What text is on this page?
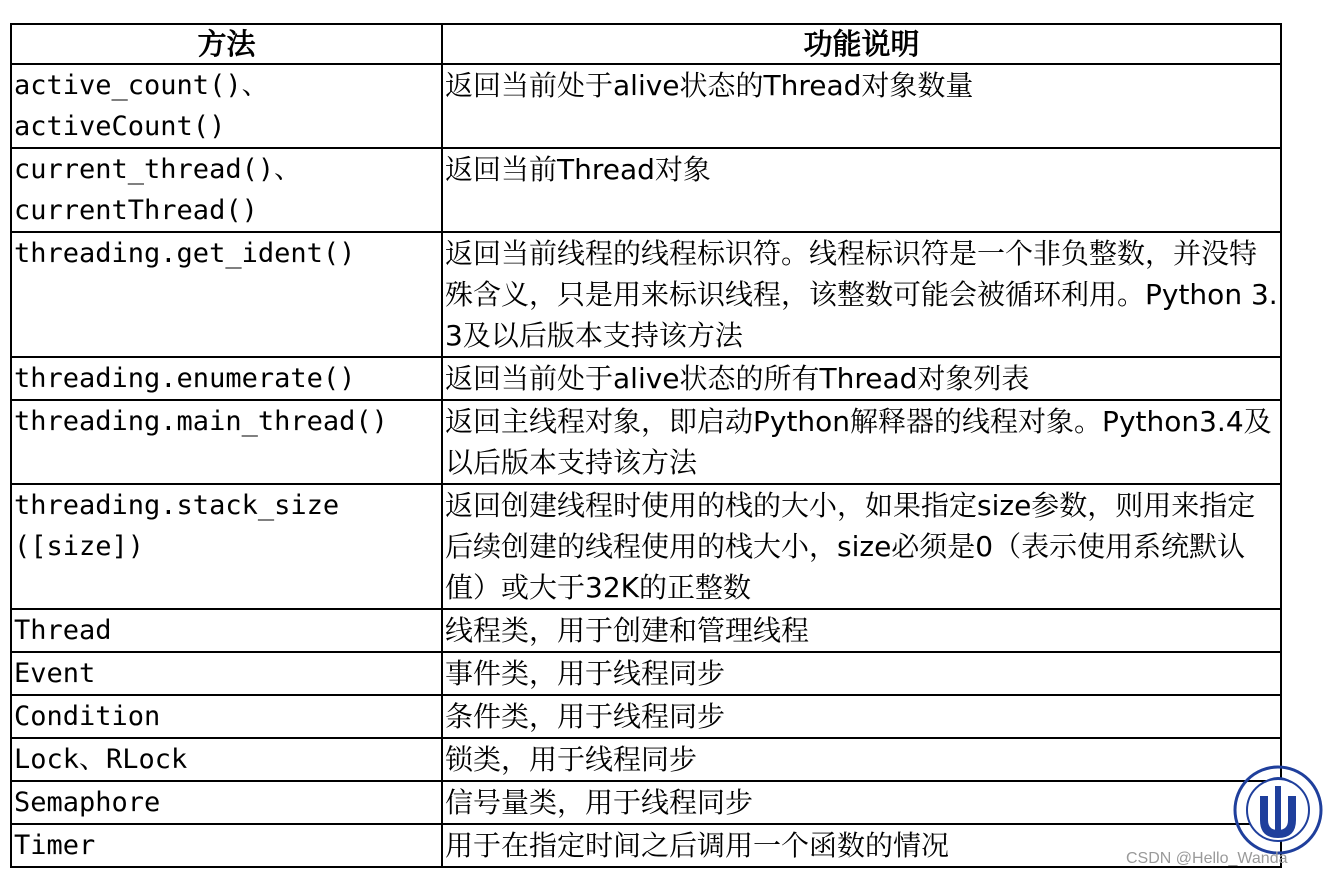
方法	功能说明
active_count()、
activeCount()	返回当前处于alive状态的Thread对象数量
current_thread()、
currentThread()	返回当前Thread对象
threading.get_ident()	返回当前线程的线程标识符。线程标识符是一个非负整数，并没特殊含义，只是用来标识线程，该整数可能会被循环利用。Python 3.3及以后版本支持该方法
threading.enumerate()	返回当前处于alive状态的所有Thread对象列表
threading.main_thread()	返回主线程对象，即启动Python解释器的线程对象。Python3.4及以后版本支持该方法
threading.stack_size
([size])	返回创建线程时使用的栈的大小，如果指定size参数，则用来指定后续创建的线程使用的栈大小，size必须是0（表示使用系统默认值）或大于32K的正整数
Thread	线程类，用于创建和管理线程
Event	事件类，用于线程同步
Condition	条件类，用于线程同步
Lock、RLock	锁类，用于线程同步
Semaphore	信号量类，用于线程同步
Timer	用于在指定时间之后调用一个函数的情况	CSDN @Hello_Wanda
